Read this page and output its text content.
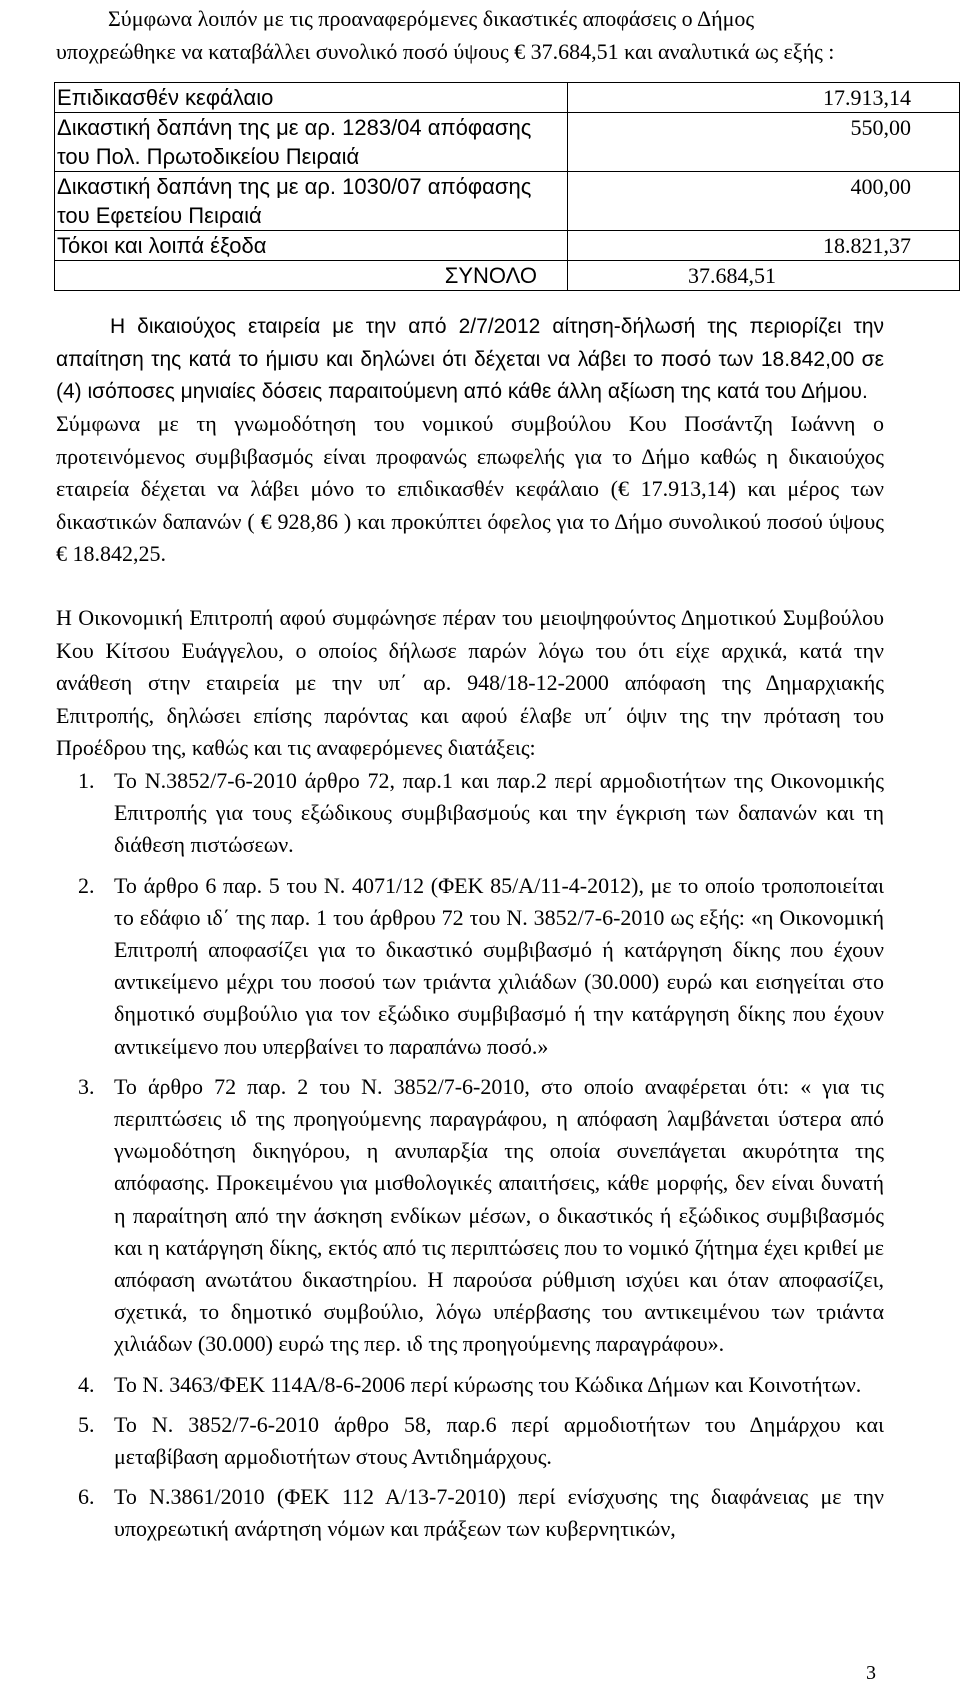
Σύμφωνα λοιπόν με τις προαναφερόμενες δικαστικές αποφάσεις ο Δήμος
υποχρεώθηκε να καταβάλλει συνολικό ποσό ύψους € 37.684,51 και αναλυτικά ως εξής :
Επιδικασθέν κεφάλαιο	17.913,14
Δικαστική δαπάνη της με αρ. 1283/04 απόφασης του Πολ. Πρωτοδικείου Πειραιά	550,00
Δικαστική δαπάνη της με αρ. 1030/07 απόφασης του Εφετείου Πειραιά	400,00
Τόκοι και λοιπά έξοδα	18.821,37
ΣΥΝΟΛΟ	37.684,51
Η δικαιούχος εταιρεία με την από 2/7/2012 αίτηση-δήλωσή της περιορίζει την απαίτηση της κατά το ήμισυ και δηλώνει ότι δέχεται να λάβει το ποσό των 18.842,00 σε (4) ισόποσες μηνιαίες δόσεις παραιτούμενη από κάθε άλλη αξίωση της κατά του Δήμου.
Σύμφωνα με τη γνωμοδότηση του νομικού συμβούλου Κου Ποσάντζη Ιωάννη ο προτεινόμενος συμβιβασμός είναι προφανώς επωφελής για το Δήμο καθώς η δικαιούχος εταιρεία δέχεται να λάβει μόνο το επιδικασθέν κεφάλαιο (€ 17.913,14) και μέρος των δικαστικών δαπανών ( € 928,86 ) και προκύπτει όφελος για το Δήμο συνολικού ποσού ύψους € 18.842,25.
Η Οικονομική Επιτροπή αφού συμφώνησε πέραν του μειοψηφούντος Δημοτικού Συμβούλου Κου Κίτσου Ευάγγελου, ο οποίος δήλωσε παρών λόγω του ότι είχε αρχικά, κατά την ανάθεση στην εταιρεία με την υπ΄ αρ. 948/18-12-2000 απόφαση της Δημαρχιακής Επιτροπής, δηλώσει επίσης παρόντας και αφού έλαβε υπ΄ όψιν της την πρόταση του Προέδρου της, καθώς και τις αναφερόμενες διατάξεις:
1. Το Ν.3852/7-6-2010 άρθρο 72, παρ.1 και παρ.2 περί αρμοδιοτήτων της Οικονομικής Επιτροπής για τους εξώδικους συμβιβασμούς και την έγκριση των δαπανών και τη διάθεση πιστώσεων.
2. Το άρθρο 6 παρ. 5 του Ν. 4071/12 (ΦΕΚ 85/Α/11-4-2012), με το οποίο τροποποιείται το εδάφιο ιδ΄ της παρ. 1 του άρθρου 72 του Ν. 3852/7-6-2010 ως εξής: «η Οικονομική Επιτροπή αποφασίζει για το δικαστικό συμβιβασμό ή κατάργηση δίκης που έχουν αντικείμενο μέχρι του ποσού των τριάντα χιλιάδων (30.000) ευρώ και εισηγείται στο δημοτικό συμβούλιο για τον εξώδικο συμβιβασμό ή την κατάργηση δίκης που έχουν αντικείμενο που υπερβαίνει το παραπάνω ποσό.»
3. Το άρθρο 72 παρ. 2 του Ν. 3852/7-6-2010, στο οποίο αναφέρεται ότι: « για τις περιπτώσεις ιδ της προηγούμενης παραγράφου, η απόφαση λαμβάνεται ύστερα από γνωμοδότηση δικηγόρου, η ανυπαρξία της οποία συνεπάγεται ακυρότητα της απόφασης. Προκειμένου για μισθολογικές απαιτήσεις, κάθε μορφής, δεν είναι δυνατή η παραίτηση από την άσκηση ενδίκων μέσων, ο δικαστικός ή εξώδικος συμβιβασμός και η κατάργηση δίκης, εκτός από τις περιπτώσεις που το νομικό ζήτημα έχει κριθεί με απόφαση ανωτάτου δικαστηρίου. Η παρούσα ρύθμιση ισχύει και όταν αποφασίζει, σχετικά, το δημοτικό συμβούλιο, λόγω υπέρβασης του αντικειμένου των τριάντα χιλιάδων (30.000) ευρώ της περ. ιδ της προηγούμενης παραγράφου».
4. Το Ν. 3463/ΦΕΚ 114Α/8-6-2006 περί κύρωσης του Κώδικα Δήμων και Κοινοτήτων.
5. Το Ν. 3852/7-6-2010 άρθρο 58, παρ.6 περί αρμοδιοτήτων του Δημάρχου και μεταβίβαση αρμοδιοτήτων στους Αντιδημάρχους.
6. Το Ν.3861/2010 (ΦΕΚ 112 Α/13-7-2010) περί ενίσχυσης της διαφάνειας με την υποχρεωτική ανάρτηση νόμων και πράξεων των κυβερνητικών,
3
